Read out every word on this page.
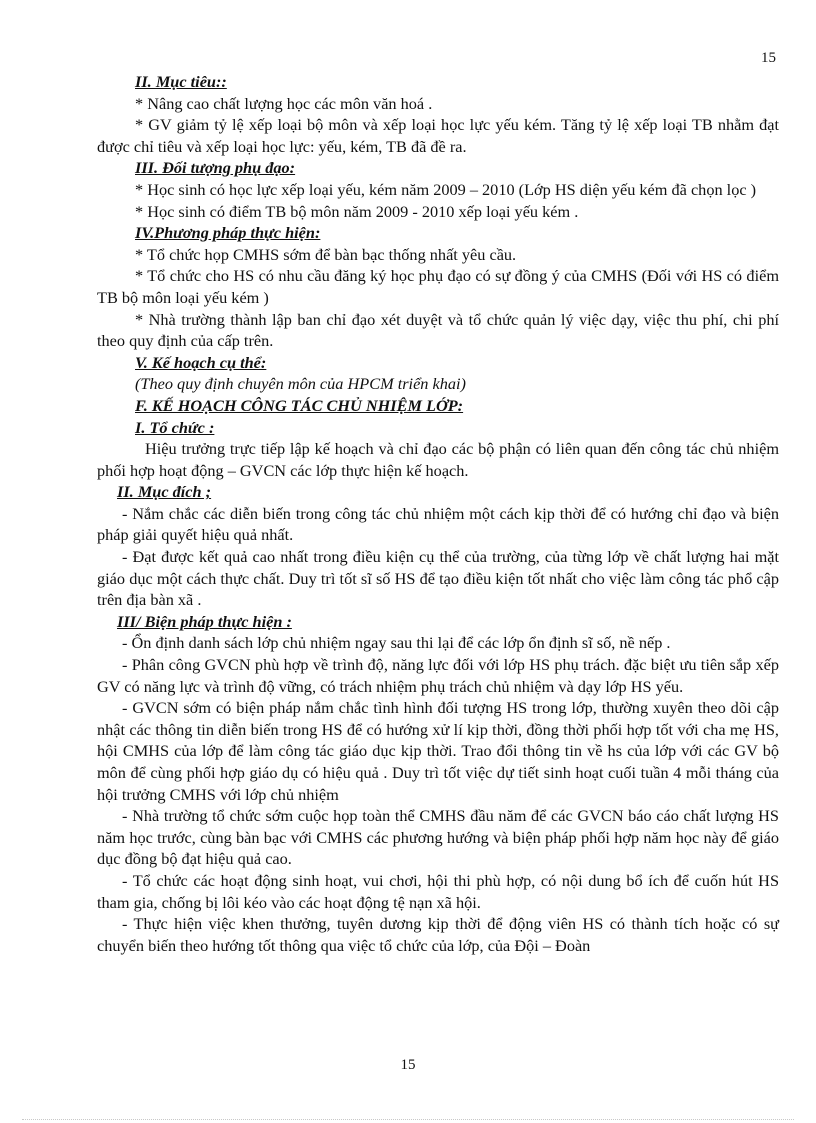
15

II. Mục tiêu::

* Nâng cao chất lượng học các môn văn hoá .

* GV giảm tỷ lệ xếp loại bộ môn và xếp loại học lực yếu kém. Tăng tỷ lệ xếp loại TB nhằm đạt được chỉ tiêu và xếp loại học lực: yếu, kém, TB đã đề ra.

III. Đối tượng phụ đạo:

* Học sinh có học lực xếp loại yếu, kém năm 2009 – 2010 (Lớp HS diện yếu kém đã chọn lọc )

* Học sinh có điểm TB bộ môn năm 2009 - 2010 xếp loại yếu kém .

IV.Phương pháp thực hiện:

* Tổ chức họp CMHS sớm để bàn bạc thống nhất yêu cầu.

* Tổ chức cho HS có nhu cầu đăng ký học phụ đạo có sự đồng ý của CMHS (Đối với HS có điểm TB bộ môn loại yếu kém )

* Nhà trường thành lập ban chỉ đạo xét duyệt và tổ chức quản lý việc dạy, việc thu phí, chi phí theo quy định của cấp trên.

V. Kế hoạch cụ thể:

(Theo quy định chuyên môn của HPCM triển khai)

F. KẾ HOẠCH CÔNG TÁC CHỦ NHIỆM LỚP:

I. Tổ chức :

Hiệu trưởng trực tiếp lập kế hoạch và chỉ đạo các bộ phận có liên quan đến công tác chủ nhiệm phối hợp hoạt động – GVCN các lớp thực hiện kế hoạch.

II. Mục đích ;

- Nắm chắc các diễn biến trong công tác chủ nhiệm một cách kịp thời để có hướng chỉ đạo và biện pháp giải quyết hiệu quả nhất.

- Đạt được kết quả cao nhất trong điều kiện cụ thể của trường, của từng lớp về chất lượng hai mặt giáo dục một cách thực chất. Duy trì tốt sĩ số HS để tạo điều kiện tốt nhất cho việc làm công tác phổ cập trên địa bàn xã .

III/ Biện pháp thực hiện :

- Ổn định danh sách lớp chủ nhiệm ngay sau thi lại để các lớp ổn định sĩ số, nề nếp .

- Phân công GVCN phù hợp về trình độ, năng lực đối với lớp HS phụ trách. đặc biệt ưu tiên sắp xếp GV có năng lực và trình độ vững, có trách nhiệm phụ trách chủ nhiệm và dạy lớp HS yếu.

- GVCN sớm có biện pháp nắm chắc tình hình đối tượng HS trong lớp, thường xuyên theo dõi cập nhật các thông tin diễn biến trong HS để có hướng xử lí kịp thời, đồng thời phối hợp tốt với cha mẹ HS, hội CMHS của lớp để làm công tác giáo dục kịp thời. Trao đổi thông tin về hs của lớp với các GV bộ môn để cùng phối hợp giáo dụ có hiệu quả . Duy trì tốt việc dự tiết sinh hoạt cuối tuần 4 mỗi tháng của hội trưởng CMHS với lớp chủ nhiệm

- Nhà trường tổ chức sớm cuộc họp toàn thể CMHS đầu năm để các GVCN báo cáo chất lượng HS năm học trước, cùng bàn bạc với CMHS các phương hướng và biện pháp phối hợp năm học này để giáo dục đồng bộ đạt hiệu quả cao.

- Tổ chức các hoạt động sinh hoạt, vui chơi, hội thi phù hợp, có nội dung bổ ích để cuốn hút HS tham gia, chống bị lôi kéo vào các hoạt động tệ nạn xã hội.

- Thực hiện việc khen thưởng, tuyên dương kịp thời để động viên HS có thành tích hoặc có sự chuyển biến theo hướng tốt thông qua việc tổ chức của lớp, của Đội – Đoàn

15
